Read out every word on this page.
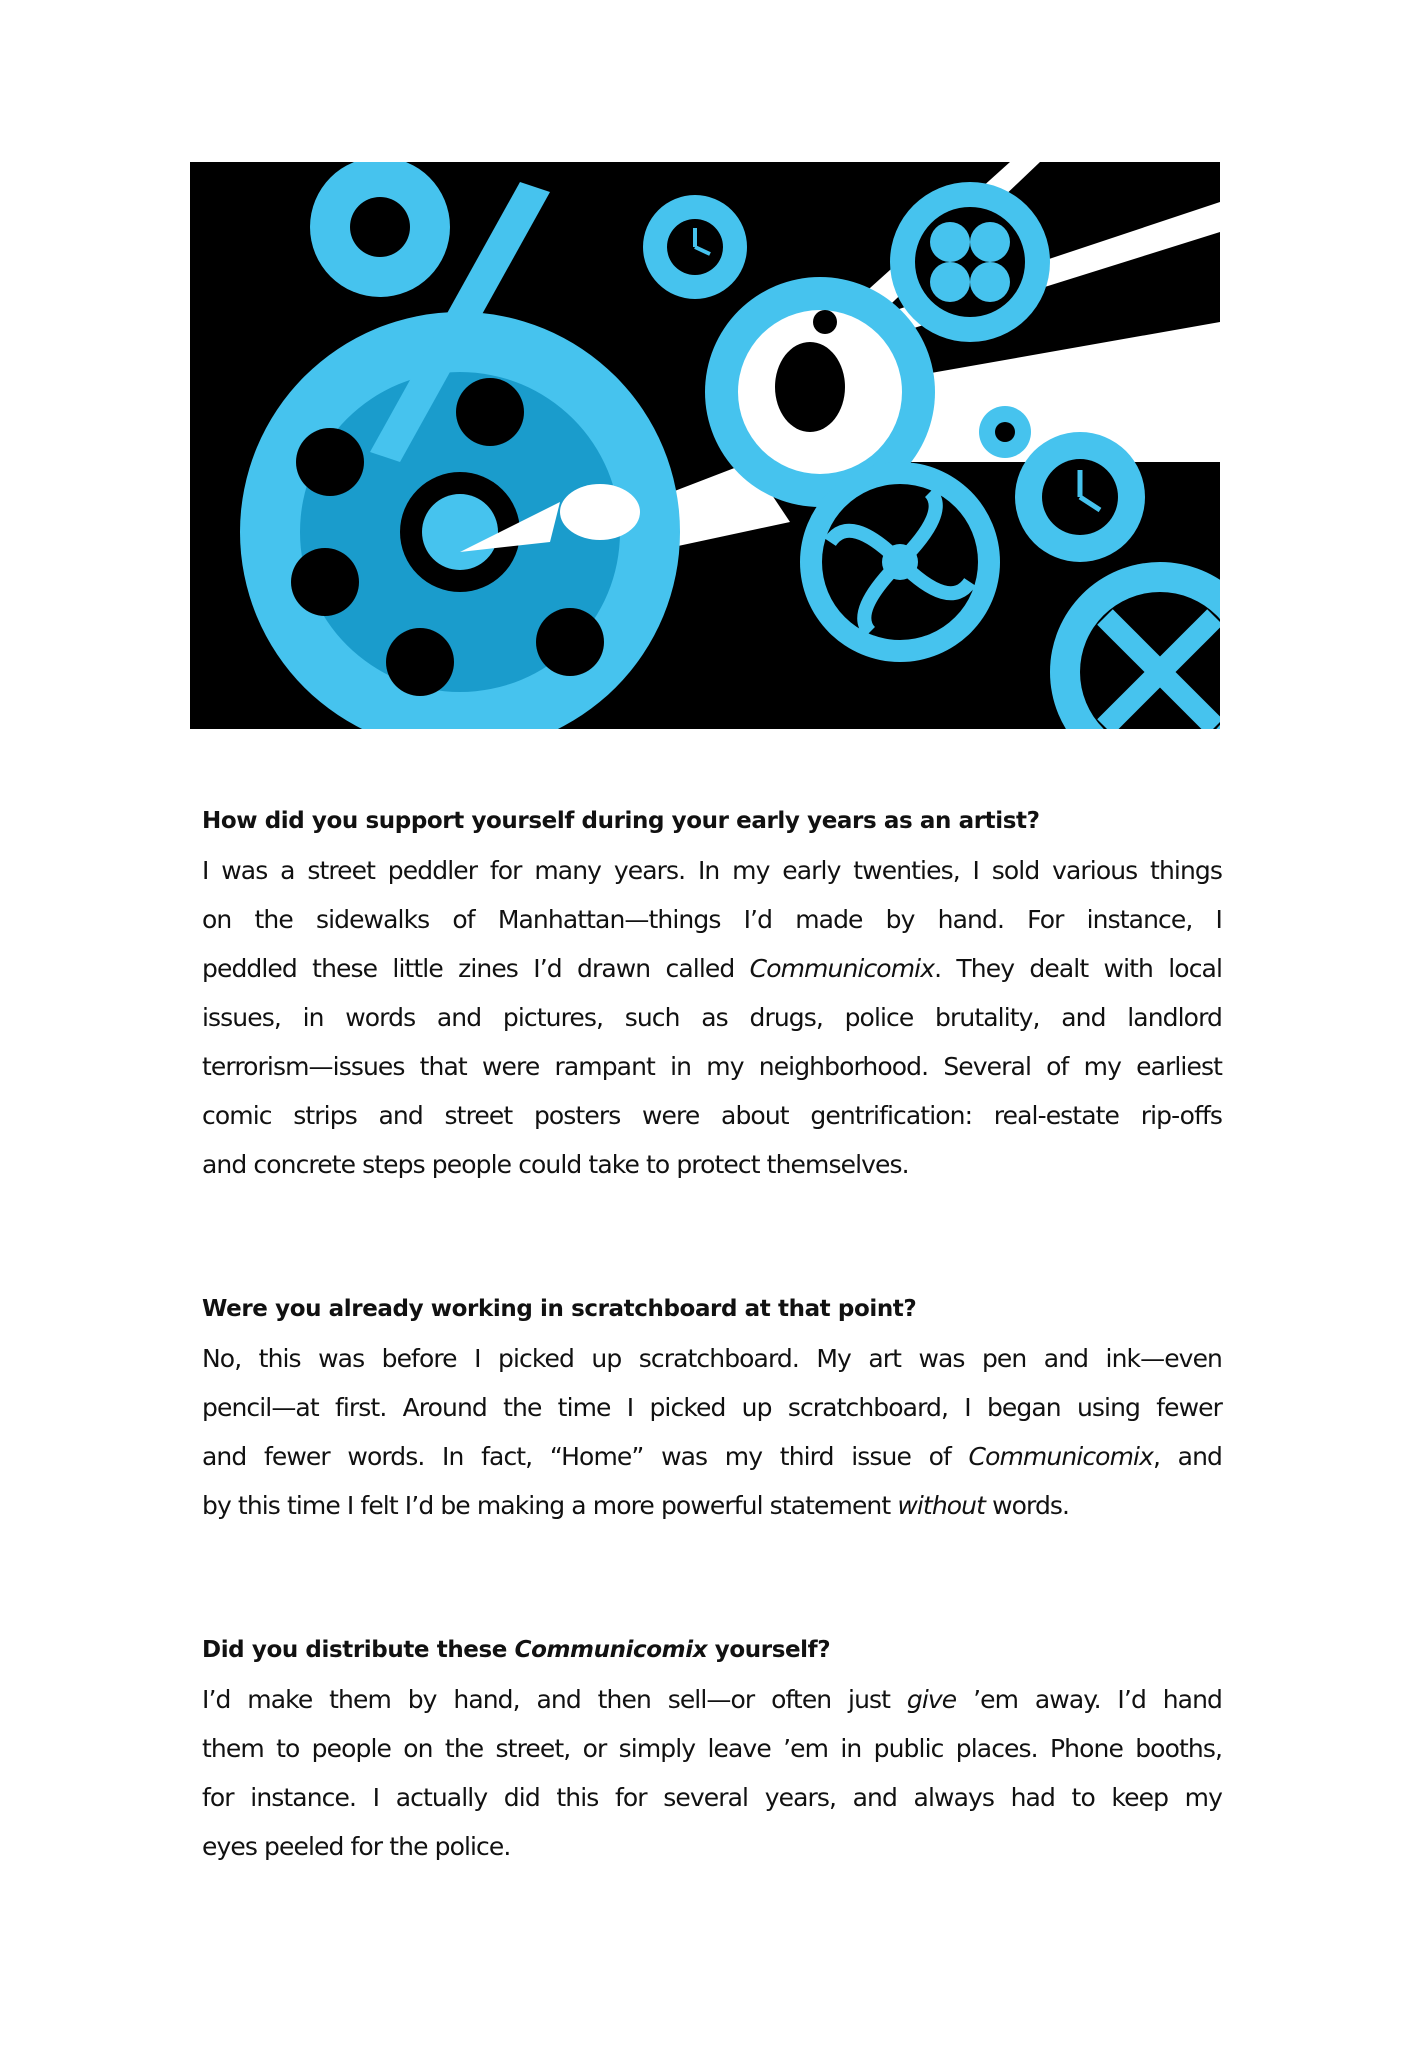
How did you support yourself during your early years as an artist?

I was a street peddler for many years. In my early twenties, I sold various things
on the sidewalks of Manhattan—things I’d made by hand. For instance, I
peddled these little zines I’d drawn called Communicomix. They dealt with local
issues, in words and pictures, such as drugs, police brutality, and landlord
terrorism—issues that were rampant in my neighborhood. Several of my earliest
comic strips and street posters were about gentrification: real-estate rip-offs
and concrete steps people could take to protect themselves.

Were you already working in scratchboard at that point?

No, this was before I picked up scratchboard. My art was pen and ink—even
pencil—at first. Around the time I picked up scratchboard, I began using fewer
and fewer words. In fact, “Home” was my third issue of Communicomix, and
by this time I felt I’d be making a more powerful statement without words.

Did you distribute these Communicomix yourself?

I’d make them by hand, and then sell—or often just give ’em away. I’d hand
them to people on the street, or simply leave ’em in public places. Phone booths,
for instance. I actually did this for several years, and always had to keep my
eyes peeled for the police.
